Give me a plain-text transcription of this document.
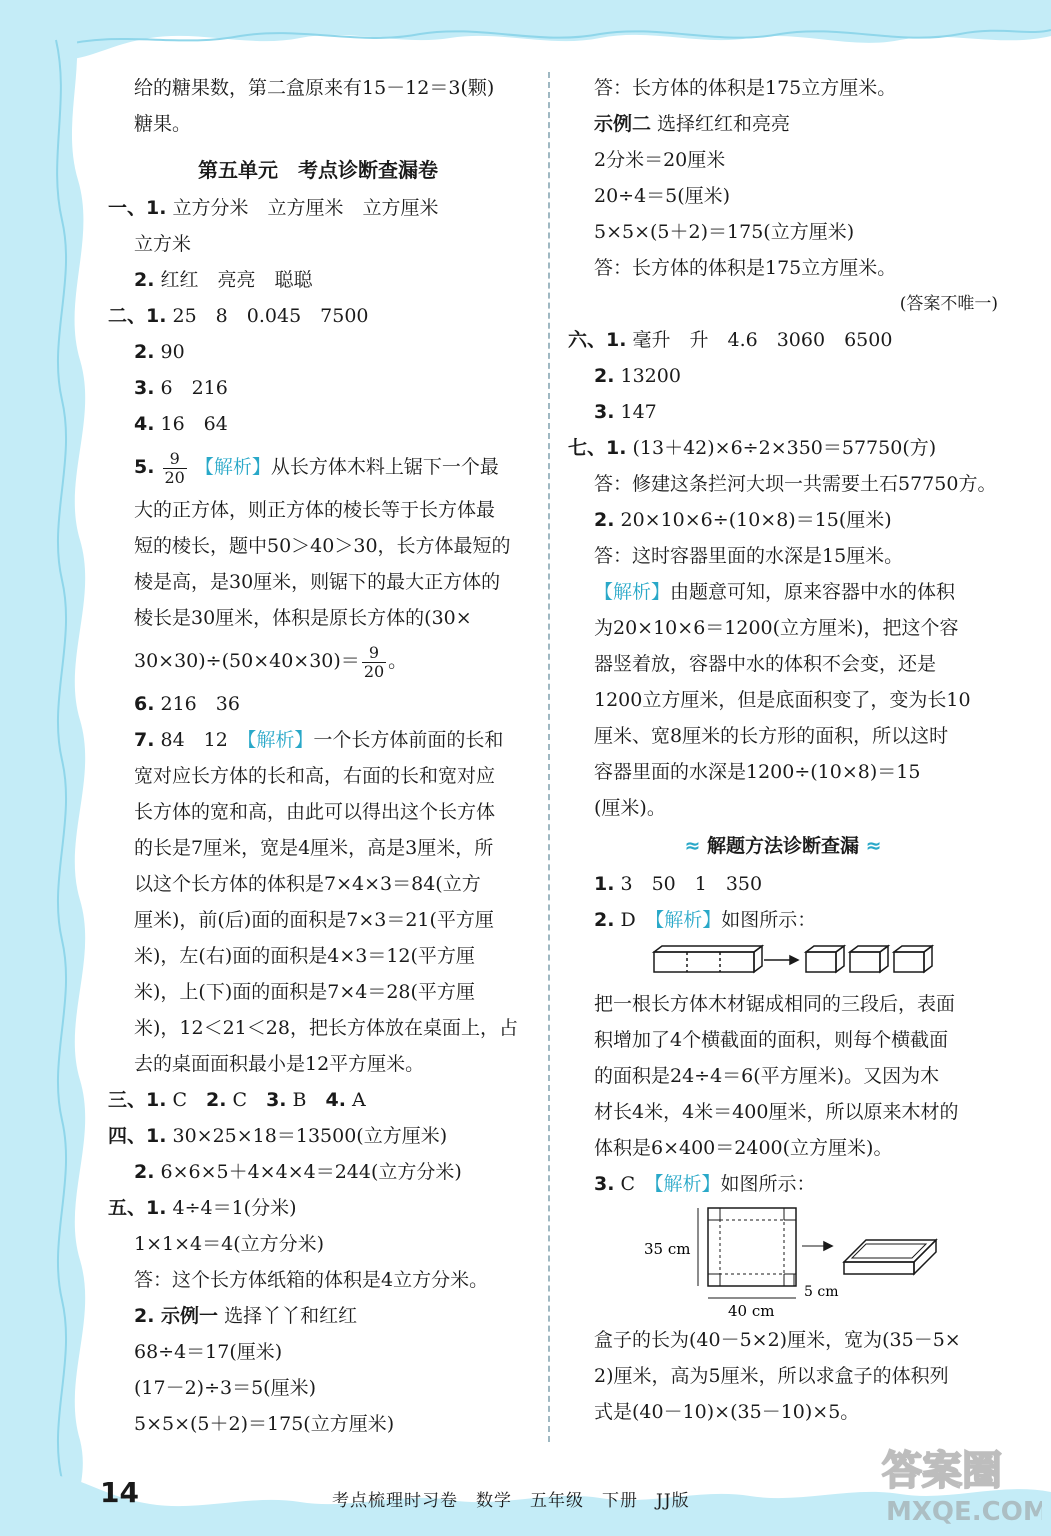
给的糖果数，第二盒原来有15－12＝3(颗)
糖果。
第五单元　考点诊断查漏卷
一、1. 立方分米　立方厘米　立方厘米
立方米
2. 红红　亮亮　聪聪
二、1. 25　8　0.045　7500
2. 90
3. 6　216
4. 16　64
5. $\frac{9}{20}$ 【解析】从长方体木料上锯下一个最
大的正方体，则正方体的棱长等于长方体最
短的棱长，题中50＞40＞30，长方体最短的
棱是高，是30厘米，则锯下的最大正方体的
棱长是30厘米，体积是原长方体的(30×
$30\times 30)\div(50\times 40\times 30)= \frac{9}{20}$ 。
6. 216　36
7. 84　12　【解析】一个长方体前面的长和
宽对应长方体的长和高，右面的长和宽对应
长方体的宽和高，由此可以得出这个长方体
的长是7厘米，宽是4厘米，高是3厘米，所
以这个长方体的体积是7×4×3＝84(立方
厘米)，前(后)面的面积是7×3＝21(平方厘
米)，左(右)面的面积是4×3＝12(平方厘
米)，上(下)面的面积是7×4＝28(平方厘
米)，12＜21＜28，把长方体放在桌面上，占
去的桌面面积最小是12平方厘米。
三、1. C　2. C　3. B　4. A
四、1. 30×25×18＝13500(立方厘米)
2. 6×6×5＋4×4×4＝244(立方分米)
五、1. 4÷4＝1(分米)
1×1×4＝4(立方分米)
答：这个长方体纸箱的体积是4立方分米。
2. 示例一 选择丫丫和红红
68÷4＝17(厘米)
(17－2)÷3＝5(厘米)
5×5×(5＋2)＝175(立方厘米)
答：长方体的体积是175立方厘米。
示例二 选择红红和亮亮
2分米＝20厘米
20÷4＝5(厘米)
5×5×(5＋2)＝175(立方厘米)
答：长方体的体积是175立方厘米。
(答案不唯一)
六、1. 毫升　升　4.6　3060　6500
2. 13200
3. 147
七、1. (13＋42)×6÷2×350＝57750(方)
答：修建这条拦河大坝一共需要土石57750方。
2. 20×10×6÷(10×8)＝15(厘米)
答：这时容器里面的水深是15厘米。
【解析】由题意可知，原来容器中水的体积
为20×10×6＝1200(立方厘米)，把这个容
器竖着放，容器中水的体积不会变，还是
1200立方厘米，但是底面积变了，变为长10
厘米、宽8厘米的长方形的面积，所以这时
容器里面的水深是1200÷(10×8)＝15
(厘米)。
≈ 解题方法诊断查漏 ≈
1. 3　50　1　350
2. D　【解析】如图所示：
把一根长方体木材锯成相同的三段后，表面
积增加了4个横截面的面积，则每个横截面
的面积是24÷4＝6(平方厘米)。又因为木
材长4米，4米＝400厘米，所以原来木材的
体积是6×400＝2400(立方厘米)。
3. C　【解析】如图所示：
35 cm
5 cm
40 cm
盒子的长为(40－5×2)厘米，宽为(35－5×
2)厘米，高为5厘米，所以求盒子的体积列
式是(40－10)×(35－10)×5。
14	考点梳理时习卷　数学　五年级　下册　JJ版
答案圈
MXQE.COM
